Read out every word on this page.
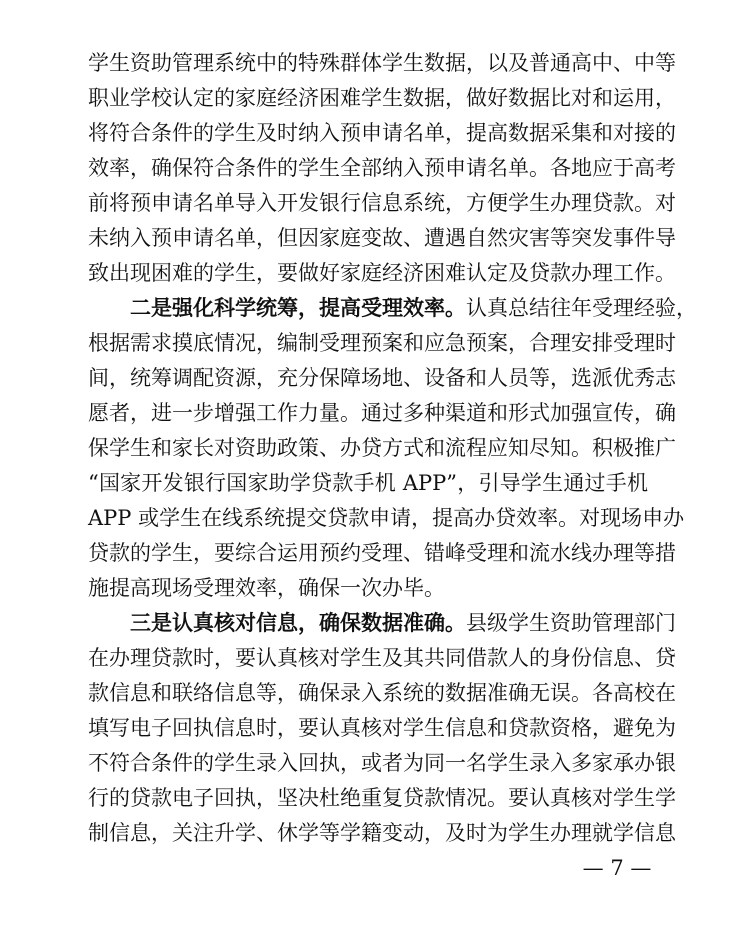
学生资助管理系统中的特殊群体学生数据，以及普通高中、中等
职业学校认定的家庭经济困难学生数据，做好数据比对和运用，
将符合条件的学生及时纳入预申请名单，提高数据采集和对接的
效率，确保符合条件的学生全部纳入预申请名单。各地应于高考
前将预申请名单导入开发银行信息系统，方便学生办理贷款。对
未纳入预申请名单，但因家庭变故、遭遇自然灾害等突发事件导
致出现困难的学生，要做好家庭经济困难认定及贷款办理工作。
二是强化科学统筹，提高受理效率。认真总结往年受理经验，
根据需求摸底情况，编制受理预案和应急预案，合理安排受理时
间，统筹调配资源，充分保障场地、设备和人员等，选派优秀志
愿者，进一步增强工作力量。通过多种渠道和形式加强宣传，确
保学生和家长对资助政策、办贷方式和流程应知尽知。积极推广
“国家开发银行国家助学贷款手机 APP”，引导学生通过手机
APP 或学生在线系统提交贷款申请，提高办贷效率。对现场申办
贷款的学生，要综合运用预约受理、错峰受理和流水线办理等措
施提高现场受理效率，确保一次办毕。
三是认真核对信息，确保数据准确。县级学生资助管理部门
在办理贷款时，要认真核对学生及其共同借款人的身份信息、贷
款信息和联络信息等，确保录入系统的数据准确无误。各高校在
填写电子回执信息时，要认真核对学生信息和贷款资格，避免为
不符合条件的学生录入回执，或者为同一名学生录入多家承办银
行的贷款电子回执，坚决杜绝重复贷款情况。要认真核对学生学
制信息，关注升学、休学等学籍变动，及时为学生办理就学信息
— 7 —
